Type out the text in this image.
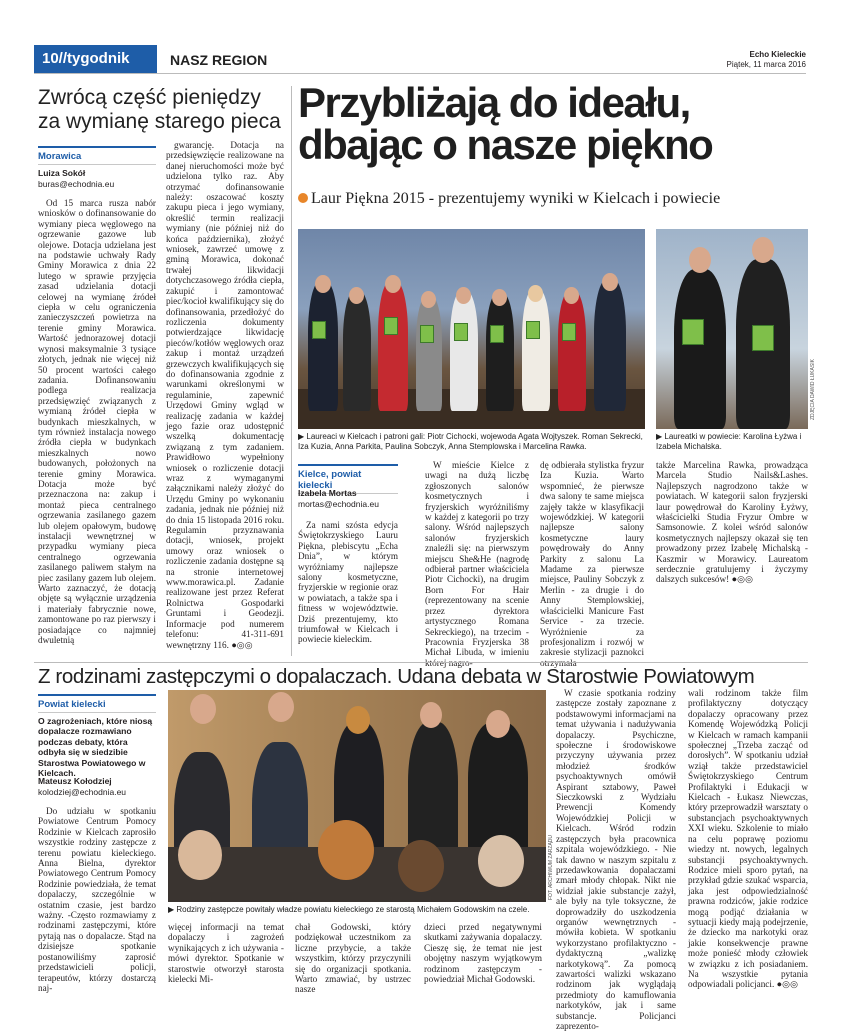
10//tygodnik	NASZ REGION	Echo Kieleckie
Piątek, 11 marca 2016
Zwrócą część pieniędzy
za wymianę starego pieca
Morawica
Luiza Sokół
buras@echodnia.eu

Od 15 marca rusza nabór wniosków o dofinansowanie do wymiany pieca węglowego na ogrzewanie gazowe lub olejowe. Dotacja udzielana jest na podstawie uchwały Rady Gminy Morawica z dnia 22 lutego w sprawie przyjęcia zasad udzielania dotacji celowej na wymianę źródeł ciepła w celu ograniczenia zanieczyszczeń powietrza na terenie gminy Morawica. Wartość jednorazowej dotacji wynosi maksymalnie 3 tysiące złotych, jednak nie więcej niż 50 procent wartości całego zadania. Dofinansowaniu podlega realizacja przedsięwzięć związanych z wymianą źródeł ciepła w budynkach mieszkalnych, w tym również instalacja nowego źródła ciepła w budynkach mieszkalnych nowo budowanych, położonych na terenie gminy Morawica. Dotacja może być przeznaczona na: zakup i montaż pieca centralnego ogrzewania zasilanego gazem lub olejem opałowym, budowę instalacji wewnętrznej w przypadku wymiany pieca centralnego ogrzewania zasilanego paliwem stałym na piec zasilany gazem lub olejem. Warto zaznaczyć, że dotacją objęte są wyłącznie urządzenia i materiały fabrycznie nowe, zamontowane po raz pierwszy i posiadające co najmniej dwuletnią

gwarancję. Dotacja na przedsięwzięcie realizowane na danej nieruchomości może być udzielona tylko raz. Aby otrzymać dofinansowanie należy: oszacować koszty zakupu pieca i jego wymiany, określić termin realizacji wymiany (nie później niż do końca października), złożyć wniosek, zawrzeć umowę z gminą Morawica, dokonać trwałej likwidacji dotychczasowego źródła ciepła, zakupić i zamontować piec/kocioł kwalifikujący się do dofinansowania, przedłożyć do rozliczenia dokumenty potwierdzające likwidację pieców/kotłów węglowych oraz zakup i montaż urządzeń grzewczych kwalifikujących się do dofinansowania zgodnie z warunkami określonymi w regulaminie, zapewnić Urzędowi Gminy wgląd w realizację zadania w każdej jego fazie oraz udostępnić wszelką dokumentację związaną z tym zadaniem. Prawidłowo wypełniony wniosek o rozliczenie dotacji wraz z wymaganymi załącznikami należy złożyć do Urzędu Gminy po wykonaniu zadania, jednak nie później niż do dnia 15 listopada 2016 roku. Regulamin przyznawania dotacji, wniosek, projekt umowy oraz wniosek o rozliczenie zadania dostępne są na stronie internetowej www.morawica.pl. Zadanie realizowane jest przez Referat Rolnictwa Gospodarki Gruntami i Geodezji. Informacje pod numerem telefonu: 41-311-691 wewnętrzny 116. ●◎◎

Przybliżają do ideału,
dbając o nasze piękno
Laur Piękna 2015 - prezentujemy wyniki w Kielcach i powiecie
▶ Laureaci w Kielcach i patroni gali: Piotr Cichocki, wojewoda Agata Wojtyszek. Roman Sekrecki, Iza Kuzia, Anna Parkita, Paulina Sobczyk, Anna Stemplowska i Marcelina Rawka.
ZDJĘCIA DAWID ŁUKASIK
▶ Laureatki w powiecie: Karolina Łyżwa i Izabela Michalska.
Kielce, powiat kielecki
Izabela Mortas
mortas@echodnia.eu

Za nami szósta edycja Świętokrzyskiego Lauru Piękna, plebiscytu „Echa Dnia”, w którym wyróżniamy najlepsze salony kosmetyczne, fryzjerskie w regionie oraz w powiatach, a także spa i fitness w województwie. Dziś prezentujemy, kto triumfował w Kielcach i powiecie kieleckim.

W mieście Kielce z uwagi na dużą liczbę zgłoszonych salonów kosmetycznych i fryzjerskich wyróżniliśmy w każdej z kategorii po trzy salony. Wśród najlepszych salonów fryzjerskich znaleźli się: na pierwszym miejscu She&He (nagrodę odbierał partner właściciela Piotr Cichocki), na drugim Born For Hair (reprezentowany na scenie przez dyrektora artystycznego Romana Sekreckiego), na trzecim - Pracownia Fryzjerska 38 Michał Libuda, w imieniu

dę odbierała stylistka fryzur Iza Kuzia. Warto wspomnieć, że pierwsze dwa salony te same miejsca zajęły także w klasyfikacji wojewódzkiej. W kategorii najlepsze salony kosmetyczne laury powędrowały do Anny Parkity z salonu La Madame za pierwsze miejsce, Pauliny Sobczyk z Merlin - za drugie i do Anny Stemplowskiej, właścicielki Manicure Fast Service - za trzecie. Wyróżnienie za profesjonalizm i rozwój w zakresie stylizacji paznokci

także Marcelina Rawka, prowadząca Marcela Studio Nails&Lashes. Najlepszych nagrodzono także w powiatach. W kategorii salon fryzjerski laur powędrował do Karoliny Łyżwy, właścicielki Studia Fryzur Ombre w Samsonowie. Z kolei wśród salonów kosmetycznych najlepszy okazał się ten prowadzony przez Izabelę Michalską - Kaszmir w Morawicy. Laureatom serdecznie gratulujemy i życzymy dalszych sukcesów! ●◎◎

Z rodzinami zastępczymi o dopalaczach. Udana debata w Starostwie Powiatowym
Powiat kielecki
O zagrożeniach, które niosą dopalacze rozmawiano podczas debaty, która odbyła się w siedzibie Starostwa Powiatowego w Kielcach.
Mateusz Kołodziej
kolodziej@echodnia.eu

Do udziału w spotkaniu Powiatowe Centrum Pomocy Rodzinie w Kielcach zaprosiło wszystkie rodziny zastępcze z terenu powiatu kieleckiego. Anna Bielna, dyrektor Powiatowego Centrum Pomocy Rodzinie powiedziała, że temat dopalaczy, szczególnie w ostatnim czasie, jest bardzo ważny. -Często rozmawiamy z rodzinami zastępczymi, które pytają nas o dopalacze. Stąd na dzisiejsze spotkanie postanowiliśmy zaprosić przedstawicieli policji, terapeutów, którzy dostarczą naj-

FOT. ARCHIWUM ZARZĄDU
▶ Rodziny zastępcze powitały władze powiatu kieleckiego ze starostą Michałem Godowskim na czele.

więcej informacji na temat dopalaczy i zagrożeń wynikających z ich używania - mówi dyrektor. Spotkanie w starostwie otworzył starosta kielecki Mi-

chał Godowski, który podziękował uczestnikom za liczne przybycie, a także wszystkim, którzy przyczynili się do organizacji spotkania. Warto zmawiać, by ustrzec nasze

dzieci przed negatywnymi skutkami zażywania dopalaczy. Cieszę się, że temat nie jest obojętny naszym wyjątkowym rodzinom zastępczym - powiedział Michał Godowski.

W czasie spotkania rodziny zastępcze zostały zapoznane z podstawowymi informacjami na temat używania i nadużywania dopalaczy. Psychiczne, społeczne i środowiskowe przyczyny używania przez młodzież środków psychoaktywnych omówił Aspirant sztabowy, Paweł Sieczkowski z Wydziału Prewencji Komendy Wojewódzkiej Policji w Kielcach. Wśród rodzin zastępczych była pracownica szpitala wojewódzkiego. - Nie tak dawno w naszym szpitalu z przedawkowania dopalaczami zmarł młody chłopak. Nikt nie widział jakie substancje zażył, ale były na tyle toksyczne, że doprowadziły do uszkodzenia organów wewnętrznych - mówiła kobieta. W spotkaniu wykorzystano profilaktyczno - dydaktyczną „walizkę narkotykową”. Za pomocą zawartości walizki wskazano rodzinom jak wyglądają przedmioty do kamuflowania narkotyków, jak i same substancje. Policjanci zaprezento-

wali rodzinom także film profilaktyczny dotyczący dopalaczy opracowany przez Komendę Wojewódzką Policji w Kielcach w ramach kampanii społecznej „Trzeba zacząć od dorosłych”. W spotkaniu udział wziął także przedstawiciel Świętokrzyskiego Centrum Profilaktyki i Edukacji w Kielcach - Łukasz Niewczas, który przeprowadził warsztaty o substancjach psychoaktywnych XXI wieku. Szkolenie to miało na celu poprawę poziomu wiedzy nt. nowych, legalnych substancji psychoaktywnych. Rodzice mieli sporo pytań, na przykład gdzie szukać wsparcia, jaka jest odpowiedzialność prawna rodziców, jakie rodzice mogą podjąć działania w sytuacji kiedy mają podejrzenie, że dziecko ma narkotyki oraz jakie konsekwencje prawne może ponieść młody człowiek w związku z ich posiadaniem. Na wszystkie pytania odpowiadali policjanci. ●◎◎
